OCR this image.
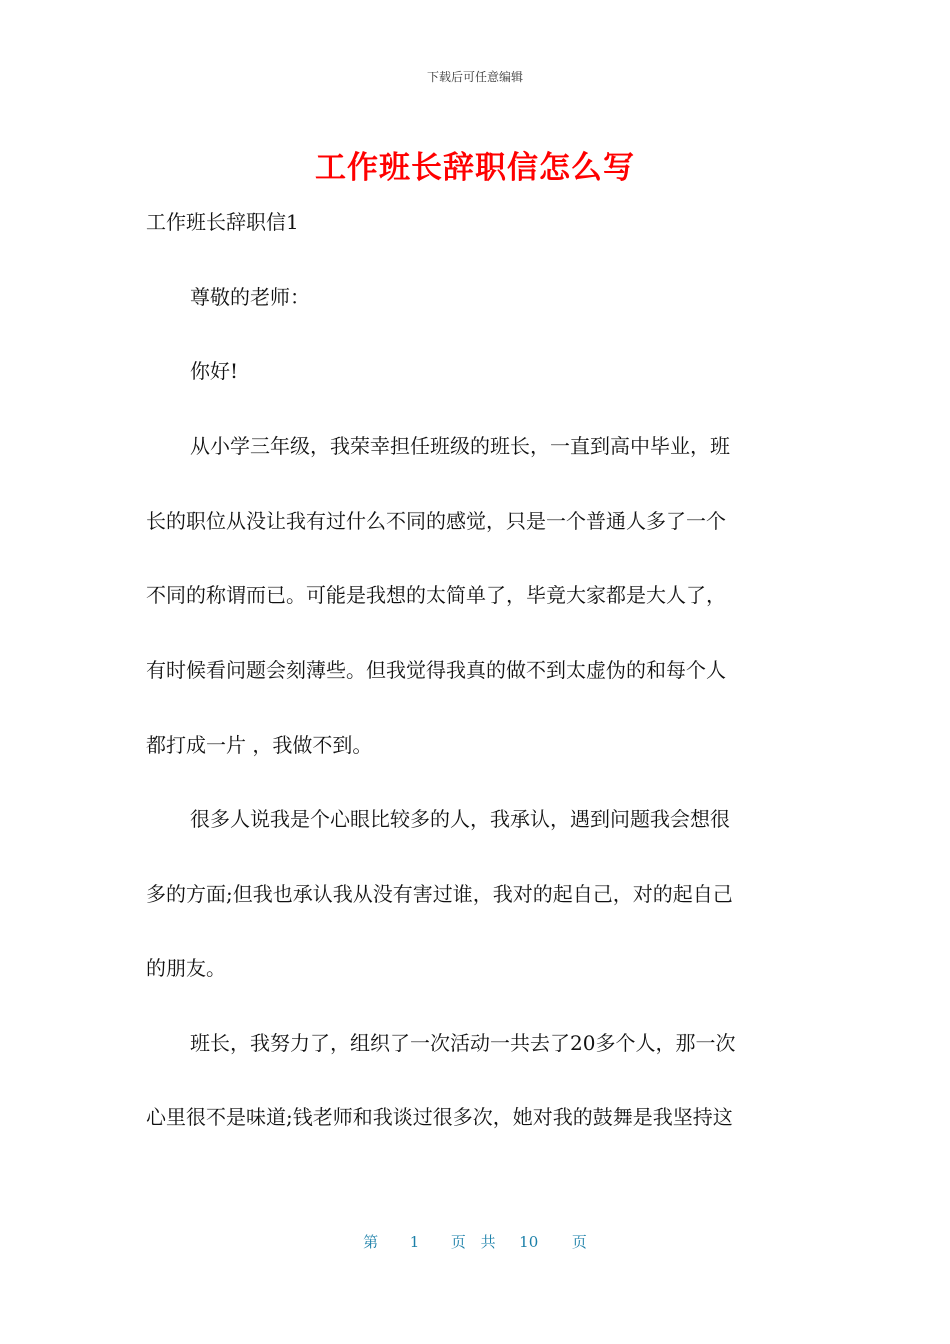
下载后可任意编辑
工作班长辞职信怎么写
工作班长辞职信1
尊敬的老师：
你好!
从小学三年级，我荣幸担任班级的班长，一直到高中毕业，班
长的职位从没让我有过什么不同的感觉，只是一个普通人多了一个
不同的称谓而已。可能是我想的太简单了，毕竟大家都是大人了，
有时候看问题会刻薄些。但我觉得我真的做不到太虚伪的和每个人
都打成一片 ，我做不到。
很多人说我是个心眼比较多的人，我承认，遇到问题我会想很
多的方面;但我也承认我从没有害过谁，我对的起自己，对的起自己
的朋友。
班长，我努力了，组织了一次活动一共去了20多个人，那一次
心里很不是味道;钱老师和我谈过很多次，她对我的鼓舞是我坚持这
第 1 页 共 10 页
